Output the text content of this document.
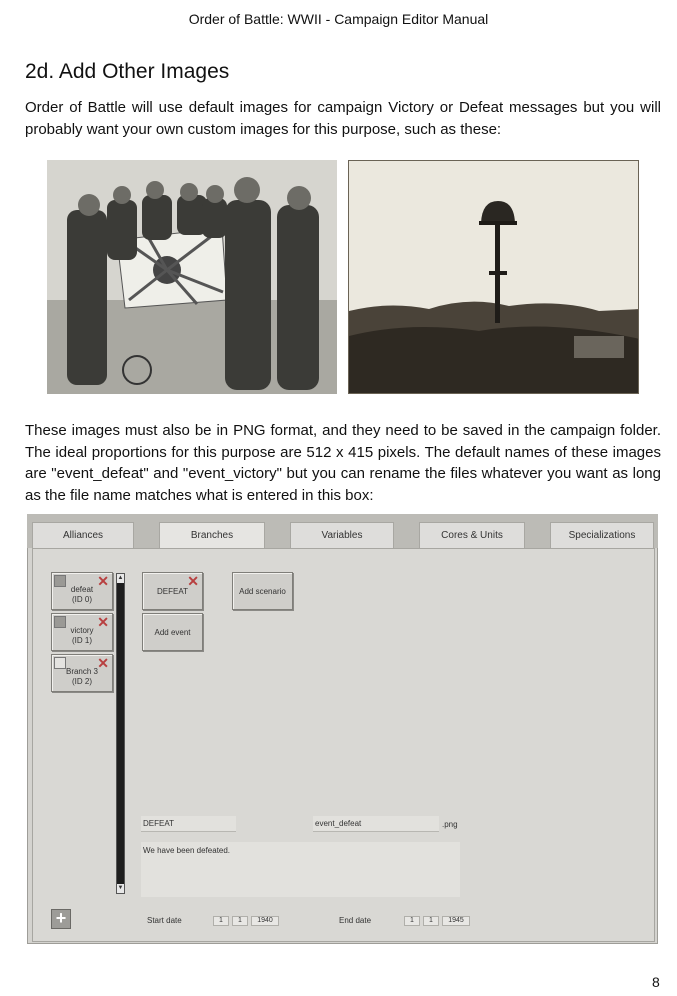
Order of Battle: WWII - Campaign Editor Manual
2d. Add Other Images

Order of Battle will use default images for campaign Victory or Defeat messages but you will probably want your own custom images for this purpose, such as these:

These images must also be in PNG format, and they need to be saved in the campaign folder. The ideal proportions for this purpose are 512 x 415 pixels. The default names of these images are "event_defeat" and "event_victory" but you can rename the files whatever you want as long as the file name matches what is entered in this box:

Alliances	Branches	Variables	Cores & Units	Specializations
✕
defeat
(ID 0)
✕
victory
(ID 1)
✕
Branch 3
(ID 2)
▲
▼
DEFEAT
✕
Add event
Add scenario
DEFEAT	event_defeat	.png
We have been defeated.
+	Start date	1	1	1940	End date	1	1	1945
8
